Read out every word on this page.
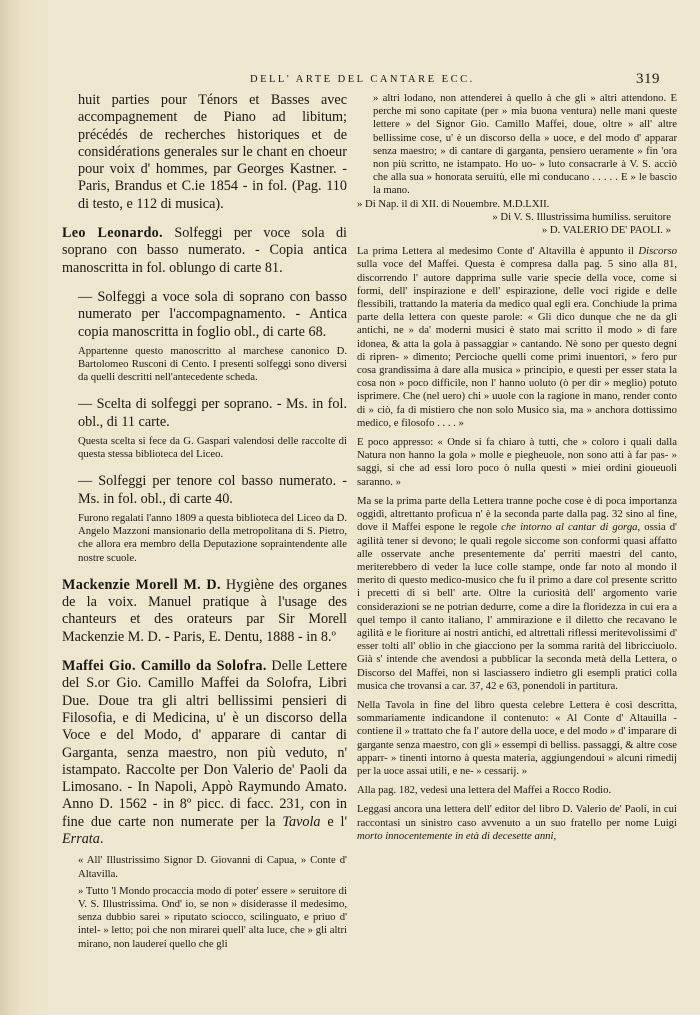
DELL' ARTE DEL CANTARE ECC.	319

huit parties pour Ténors et Basses avec accompagnement de Piano ad libitum; précédés de recherches historiques et de considérations generales sur le chant en choeur pour voix d' hommes, par Georges Kastner. - Paris, Brandus et C.ie 1854 - in fol. (Pag. 110 di testo, e 112 di musica).

Leo Leonardo. Solfeggi per voce sola di soprano con basso numerato. - Copia antica manoscritta in fol. oblungo di carte 81.

— Solfeggi a voce sola di soprano con basso numerato per l'accompagnamento. - Antica copia manoscritta in foglio obl., di carte 68.

Appartenne questo manoscritto al marchese canonico D. Bartolomeo Rusconi di Cento. I presenti solfeggi sono diversi da quelli descritti nell'antecedente scheda.

— Scelta di solfeggi per soprano. - Ms. in fol. obl., di 11 carte.

Questa scelta si fece da G. Gaspari valendosi delle raccolte di questa stessa biblioteca del Liceo.

— Solfeggi per tenore col basso numerato. - Ms. in fol. obl., di carte 40.

Furono regalati l'anno 1809 a questa biblioteca del Liceo da D. Angelo Mazzoni mansionario della metropolitana di S. Pietro, che allora era membro della Deputazione sopraintendente alle nostre scuole.

Mackenzie Morell M. D. Hygiène des organes de la voix. Manuel pratique à l'usage des chanteurs et des orateurs par Sir Morell Mackenzie M. D. - Paris, E. Dentu, 1888 - in 8.º

Maffei Gio. Camillo da Solofra. Delle Lettere del S.or Gio. Camillo Maffei da Solofra, Libri Due. Doue tra gli altri bellissimi pensieri di Filosofia, e di Medicina, u' è un discorso della Voce e del Modo, d' apparare di cantar di Garganta, senza maestro, non più veduto, n' istampato. Raccolte per Don Valerio de' Paoli da Limosano. - In Napoli, Appò Raymundo Amato. Anno D. 1562 - in 8º picc. di facc. 231, con in fine due carte non numerate per la Tavola e l' Errata.

« All' Illustrissimo Signor D. Giovanni di Capua, » Conte d' Altavilla.

» Tutto 'l Mondo procaccia modo di poter' essere » seruitore di V. S. Illustrissima. Ond' io, se non » disiderasse il medesimo, senza dubbio sarei » riputato sciocco, scilinguato, e priuo d' intel- » letto; poi che non mirarei quell' alta luce, che » gli altri mirano, non lauderei quello che gli

» altri lodano, non attenderei à quello à che gli » altri attendono. E perche mi sono capitate (per » mia buona ventura) nelle mani queste lettere » del Signor Gio. Camillo Maffei, doue, oltre » all' altre bellissime cose, u' è un discorso della » uoce, e del modo d' apparar senza maestro; » di cantare di garganta, pensiero ueramente » fin 'ora non più scritto, ne istampato. Ho uo- » luto consacrarle à V. S. acciò che alla sua » honorata seruitù, elle mi conducano . . . . . E » le bascio la mano.

» Di Nap. il dì XII. di Nouembre. M.D.LXII.

» Di V. S. Illustrissima humiliss. seruitore

» D. VALERIO DE' PAOLI. »

La prima Lettera al medesimo Conte d' Altavilla è appunto il Discorso sulla voce del Maffei. Questa è compresa dalla pag. 5 sino alla 81, discorrendo l' autore dapprima sulle varie specie della voce, come si formi, dell' inspirazione e dell' espirazione, delle voci rigide e delle flessibili, trattando la materia da medico qual egli era. Conchiude la prima parte della lettera con queste parole: « Gli dico dunque che ne da gli antichi, ne » da' moderni musici è stato mai scritto il modo » di fare idonea, & atta la gola à passaggiar » cantando. Nè sono per questo degni di ripren- » dimento; Percioche quelli come primi inuentori, » fero pur cosa grandissima à dare alla musica » principio, e questi per esser stata la cosa non » poco difficile, non l' hanno uoluto (ò per dir » meglio) potuto isprimere. Che (nel uero) chi » uuole con la ragione in mano, render conto di » ciò, fa di mistiero che non solo Musico sia, ma » anchora dottissimo medico, e filosofo . . . . »

E poco appresso: « Onde si fa chiaro à tutti, che » coloro i quali dalla Natura non hanno la gola » molle e piegheuole, non sono atti à far pas- » saggi, si che ad essi loro poco ò nulla questi » miei ordini gioueuoli saranno. »

Ma se la prima parte della Lettera tranne poche cose è di poca importanza oggidì, altrettanto proficua n' è la seconda parte dalla pag. 32 sino al fine, dove il Maffei espone le regole che intorno al cantar di gorga, ossia d' agilità tener si devono; le quali regole siccome son conformi quasi affatto alle osservate anche presentemente da' perriti maestri del canto, meriterebbero di veder la luce colle stampe, onde far noto al mondo il merito di questo medico-musico che fu il primo a dare col presente scritto i precetti di sì bell' arte. Oltre la curiosità dell' argomento varie considerazioni se ne potrian dedurre, come a dire la floridezza in cui era a quel tempo il canto italiano, l' ammirazione e il diletto che recavano le agilità e le fioriture ai nostri antichi, ed altrettali riflessi meritevolissimi d' esser tolti all' oblio in che giacciono per la somma rarità del libricciuolo. Già s' intende che avendosi a pubblicar la seconda metà della Lettera, o Discorso del Maffei, non si lasciassero indietro gli esempli pratici colla musica che trovansi a car. 37, 42 e 63, ponendoli in partitura.

Nella Tavola in fine del libro questa celebre Lettera è così descritta, sommariamente indicandone il contenuto: « Al Conte d' Altauilla - contiene il » trattato che fa l' autore della uoce, e del modo » d' imparare di gargante senza maestro, con gli » essempi di belliss. passaggi, & altre cose apparr- » tinenti intorno à questa materia, aggiungendoui » alcuni rimedij per la uoce assai utili, e ne- » cessarij. »

Alla pag. 182, vedesi una lettera del Maffei a Rocco Rodio.

Leggasi ancora una lettera dell' editor del libro D. Valerio de' Paoli, in cui raccontasi un sinistro caso avvenuto a un suo fratello per nome Luigi morto innocentemente in età di decesette anni,
